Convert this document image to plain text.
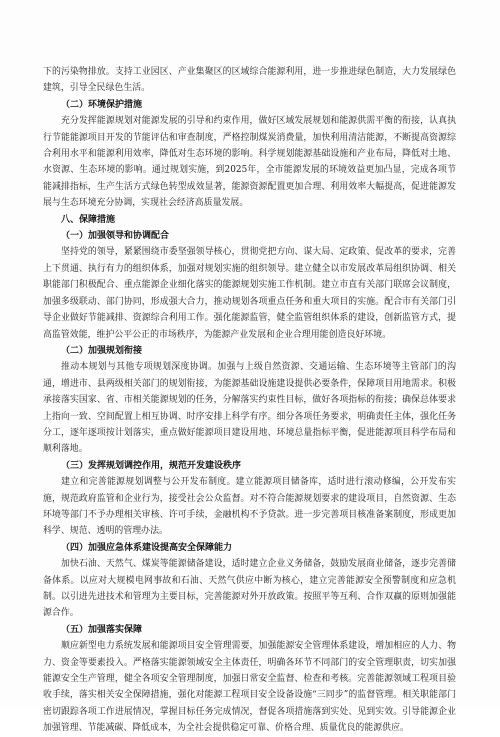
下的污染物排放。支持工业园区、产业集聚区的区域综合能源利用，进一步推进绿色制造，大力发展绿色建筑，引导全民绿色生活。

（二）环境保护措施

充分发挥能源规划对能源发展的引导和约束作用，做好区域发展规划和能源供需平衡的衔接，认真执行节能能源项目开发的节能评估和审查制度，严格控制煤炭消费量，加快利用清洁能源，不断提高资源综合利用水平和能源利用效率，降低对生态环境的影响。科学规划能源基础设施和产业布局，降低对土地、水资源、生态环境的影响。通过规划实施，到2025年，全市能源发展的环境效益更加凸显，完成各项节能减排指标，生产生活方式绿色转型成效显著，能源资源配置更加合理、利用效率大幅提高，促进能源发展与生态环境充分协调，实现社会经济高质量发展。

八、保障措施

（一）加强领导和协调配合

坚持党的领导，紧紧围绕市委坚强领导核心，贯彻党把方向、谋大局、定政策、促改革的要求，完善上下贯通、执行有力的组织体系，加强对规划实施的组织领导。建立健全以市发展改革局组织协调、相关职能部门积极配合、重点能源企业细化落实的能源规划实施工作机制。建立市直有关部门联席会议制度，加强多级联动、部门协同，形成强大合力，推动规划各项重点任务和重大项目的实施。配合市有关部门引导企业做好节能减排、资源综合利用工作。强化能源监管，健全监管组织体系的建设，创新监管方式，提高监管效能，维护公平公正的市场秩序，为能源产业发展和企业合理用能创造良好环境。

（二）加强规划衔接

推动本规划与其他专项规划深度协调。加强与上级自然资源、交通运输、生态环境等主管部门的沟通，增进市、县两级相关部门的规划衔接，为能源基础设施建设提供必要条件，保障项目用地需求。积极承接落实国家、省、市相关能源规划的任务，分解落实约束性目标，做好各项指标的衔接；确保总体要求上指向一致、空间配置上相互协调、时序安排上科学有序。细分各项任务要求，明确责任主体，强化任务分工，逐年逐项按计划落实，重点做好能源项目建设用地、环境总量指标平衡，促进能源项目科学布局和顺利落地。

（三）发挥规划调控作用，规范开发建设秩序

建立和完善能源规划调整与公开发布制度。建立能源项目储备库，适时进行滚动修编，公开发布实施，规范政府监管和企业行为，接受社会公众监督。对不符合能源规划要求的建设项目，自然资源、生态环境等部门不予办理相关审核、许可手续，金融机构不予贷款。进一步完善项目核准备案制度，形成更加科学、规范、透明的管理办法。

（四）加强应急体系建设提高安全保障能力

加快石油、天然气、煤炭等能源储备建设，适时建立企业义务储备，鼓励发展商业储备，逐步完善储备体系。以应对大规模电网事故和石油、天然气供应中断为核心，建立完善能源安全预警制度和应急机制。以引进先进技术和管理为主要目标，完善能源对外开放政策。按照平等互利、合作双赢的原则加强能源合作。

（五）加强落实保障

顺应新型电力系统发展和能源项目安全管理需要，加强能源安全管理体系建设，增加相应的人力、物力、资金等要素投入。严格落实能源领域安全主体责任，明确各环节不同部门的安全管理职责，切实加强能源安全生产管理，健全各项安全管理制度，加强日常安全监督、检查和考核。完善能源领域工程项目验收手续，落实相关安全保障措施，强化对能源工程项目安全设备设施“三同步”的监督管理。相关职能部门密切跟踪各项工作进展情况，掌握目标任务完成情况，督促各项措施落到实处、见到实效。引导能源企业加强管理、节能减碳、降低成本，为全社会提供稳定可靠、价格合理、质量优良的能源供应。
